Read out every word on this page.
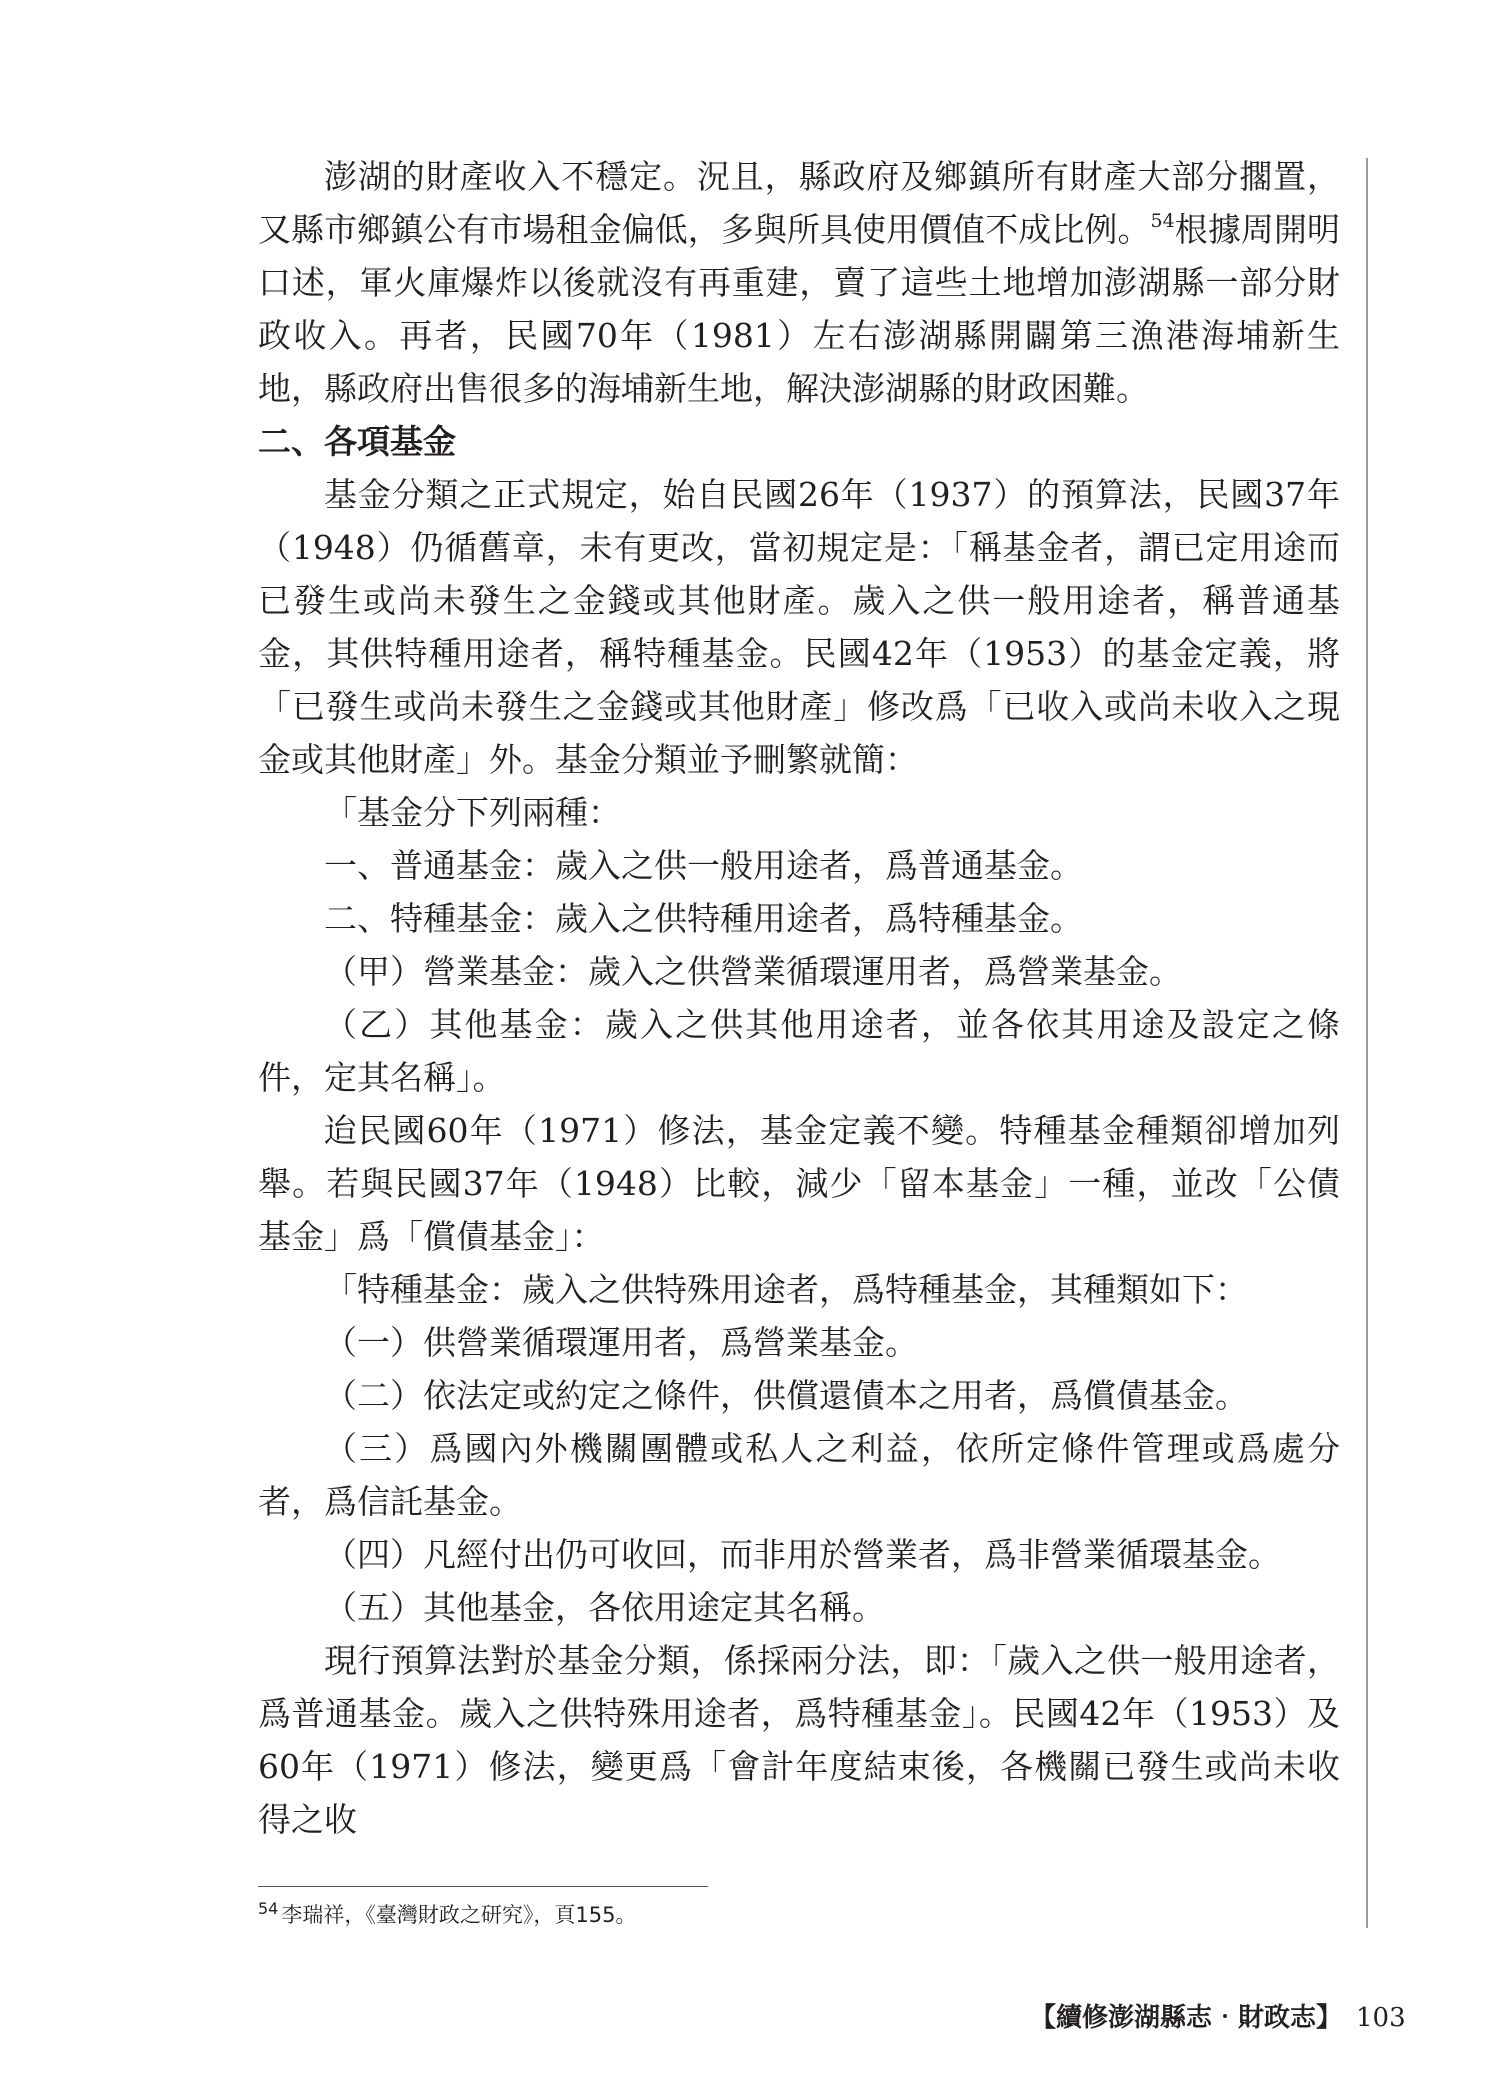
澎湖的財產收入不穩定。況且，縣政府及鄉鎮所有財產大部分擱置，又縣市鄉鎮公有市場租金偏低，多與所具使用價值不成比例。$^{54}$根據周開明口述，軍火庫爆炸以後就沒有再重建，賣了這些土地增加澎湖縣一部分財政收入。再者，民國70年（1981）左右澎湖縣開闢第三漁港海埔新生地，縣政府出售很多的海埔新生地，解決澎湖縣的財政困難。

二、各項基金

基金分類之正式規定，始自民國26年（1937）的預算法，民國37年（1948）仍循舊章，未有更改，當初規定是：「稱基金者，謂已定用途而已發生或尚未發生之金錢或其他財產。歲入之供一般用途者，稱普通基金，其供特種用途者，稱特種基金。民國42年（1953）的基金定義，將「已發生或尚未發生之金錢或其他財產」修改爲「已收入或尚未收入之現金或其他財產」外。基金分類並予刪繁就簡：

「基金分下列兩種：

一、普通基金：歲入之供一般用途者，爲普通基金。

二、特種基金：歲入之供特種用途者，爲特種基金。

（甲）營業基金：歲入之供營業循環運用者，爲營業基金。

（乙）其他基金：歲入之供其他用途者，並各依其用途及設定之條件，定其名稱」。

迨民國60年（1971）修法，基金定義不變。特種基金種類卻增加列舉。若與民國37年（1948）比較，減少「留本基金」一種，並改「公債基金」爲「償債基金」：

「特種基金：歲入之供特殊用途者，爲特種基金，其種類如下：

（一）供營業循環運用者，爲營業基金。

（二）依法定或約定之條件，供償還債本之用者，爲償債基金。

（三）爲國內外機關團體或私人之利益，依所定條件管理或爲處分者，爲信託基金。

（四）凡經付出仍可收回，而非用於營業者，爲非營業循環基金。

（五）其他基金，各依用途定其名稱。

現行預算法對於基金分類，係採兩分法，即：「歲入之供一般用途者，爲普通基金。歲入之供特殊用途者，爲特種基金」。民國42年（1953）及60年（1971）修法，變更爲「會計年度結束後，各機關已發生或尚未收得之收

$^{54}$ 李瑞祥，《臺灣財政之研究》，頁155。
【續修澎湖縣志‧財政志】 103
